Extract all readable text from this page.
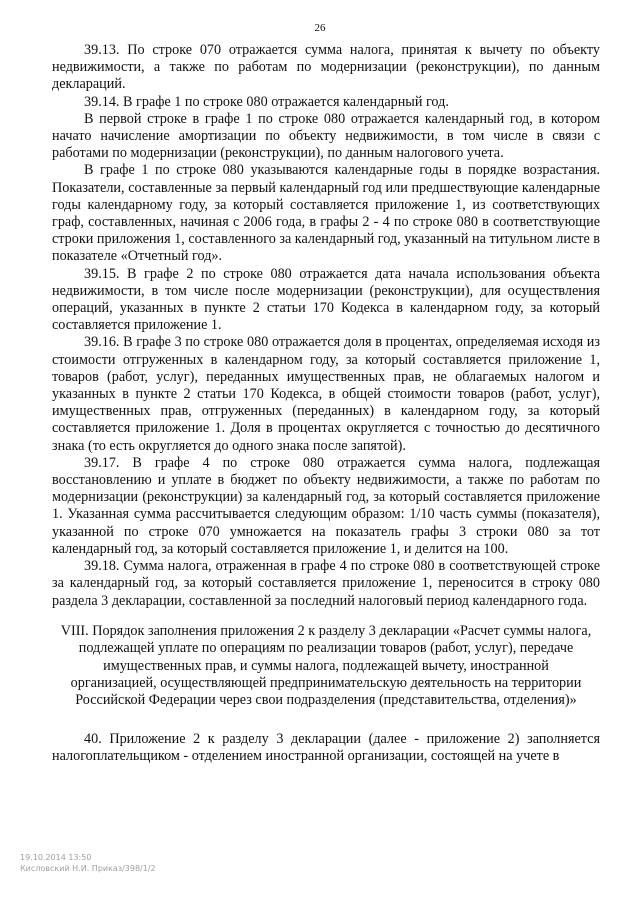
26

39.13. По строке 070 отражается сумма налога, принятая к вычету по объекту недвижимости, а также по работам по модернизации (реконструкции), по данным деклараций.

39.14. В графе 1 по строке 080 отражается календарный год.

В первой строке в графе 1 по строке 080 отражается календарный год, в котором начато начисление амортизации по объекту недвижимости, в том числе в связи с работами по модернизации (реконструкции), по данным налогового учета.

В графе 1 по строке 080 указываются календарные годы в порядке возрастания. Показатели, составленные за первый календарный год или предшествующие календарные годы календарному году, за который составляется приложение 1, из соответствующих граф, составленных, начиная с 2006 года, в графы 2 - 4 по строке 080 в соответствующие строки приложения 1, составленного за календарный год, указанный на титульном листе в показателе «Отчетный год».

39.15. В графе 2 по строке 080 отражается дата начала использования объекта недвижимости, в том числе после модернизации (реконструкции), для осуществления операций, указанных в пункте 2 статьи 170 Кодекса в календарном году, за который составляется приложение 1.

39.16. В графе 3 по строке 080 отражается доля в процентах, определяемая исходя из стоимости отгруженных в календарном году, за который составляется приложение 1, товаров (работ, услуг), переданных имущественных прав, не облагаемых налогом и указанных в пункте 2 статьи 170 Кодекса, в общей стоимости товаров (работ, услуг), имущественных прав, отгруженных (переданных) в календарном году, за который составляется приложение 1. Доля в процентах округляется с точностью до десятичного знака (то есть округляется до одного знака после запятой).

39.17. В графе 4 по строке 080 отражается сумма налога, подлежащая восстановлению и уплате в бюджет по объекту недвижимости, а также по работам по модернизации (реконструкции) за календарный год, за который составляется приложение 1. Указанная сумма рассчитывается следующим образом: 1/10 часть суммы (показателя), указанной по строке 070 умножается на показатель графы 3 строки 080 за тот календарный год, за который составляется приложение 1, и делится на 100.

39.18. Сумма налога, отраженная в графе 4 по строке 080 в соответствующей строке за календарный год, за который составляется приложение 1, переносится в строку 080 раздела 3 декларации, составленной за последний налоговый период календарного года.

VIII. Порядок заполнения приложения 2 к разделу 3 декларации «Расчет суммы налога, подлежащей уплате по операциям по реализации товаров (работ, услуг), передаче имущественных прав, и суммы налога, подлежащей вычету, иностранной организацией, осуществляющей предпринимательскую деятельность на территории Российской Федерации через свои подразделения (представительства, отделения)»

40. Приложение 2 к разделу 3 декларации (далее - приложение 2) заполняется налогоплательщиком - отделением иностранной организации, состоящей на учете в

19.10.2014 13:50
Кисловский Н.И. Приказ/398/1/2
